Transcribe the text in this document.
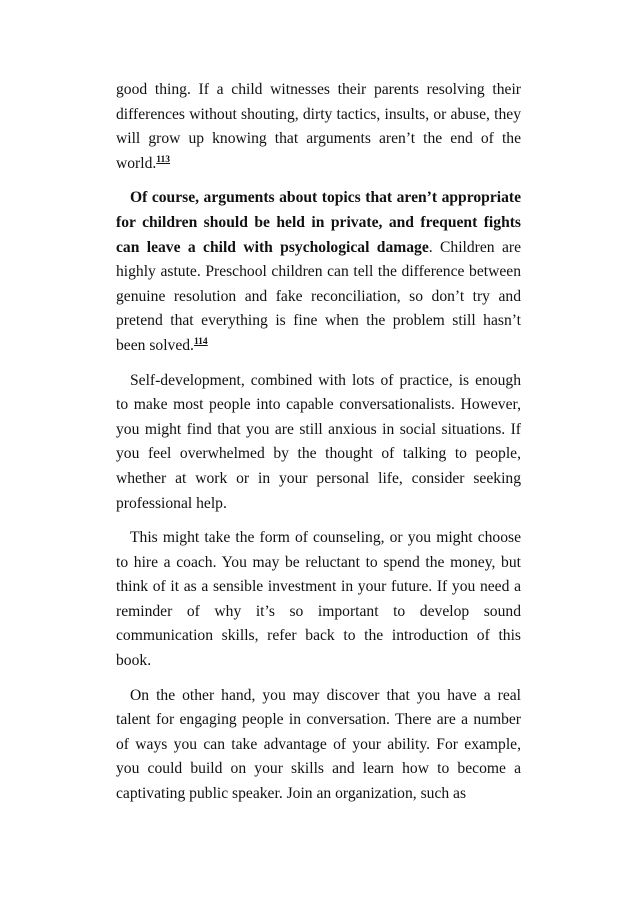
good thing. If a child witnesses their parents resolving their differences without shouting, dirty tactics, insults, or abuse, they will grow up knowing that arguments aren’t the end of the world.$^{113}$

Of course, arguments about topics that aren’t appropriate for children should be held in private, and frequent fights can leave a child with psychological damage. Children are highly astute. Preschool children can tell the difference between genuine resolution and fake reconciliation, so don’t try and pretend that everything is fine when the problem still hasn’t been solved.$^{114}$

Self-development, combined with lots of practice, is enough to make most people into capable conversationalists. However, you might find that you are still anxious in social situations. If you feel overwhelmed by the thought of talking to people, whether at work or in your personal life, consider seeking professional help.

This might take the form of counseling, or you might choose to hire a coach. You may be reluctant to spend the money, but think of it as a sensible investment in your future. If you need a reminder of why it’s so important to develop sound communication skills, refer back to the introduction of this book.

On the other hand, you may discover that you have a real talent for engaging people in conversation. There are a number of ways you can take advantage of your ability. For example, you could build on your skills and learn how to become a captivating public speaker. Join an organization, such as
